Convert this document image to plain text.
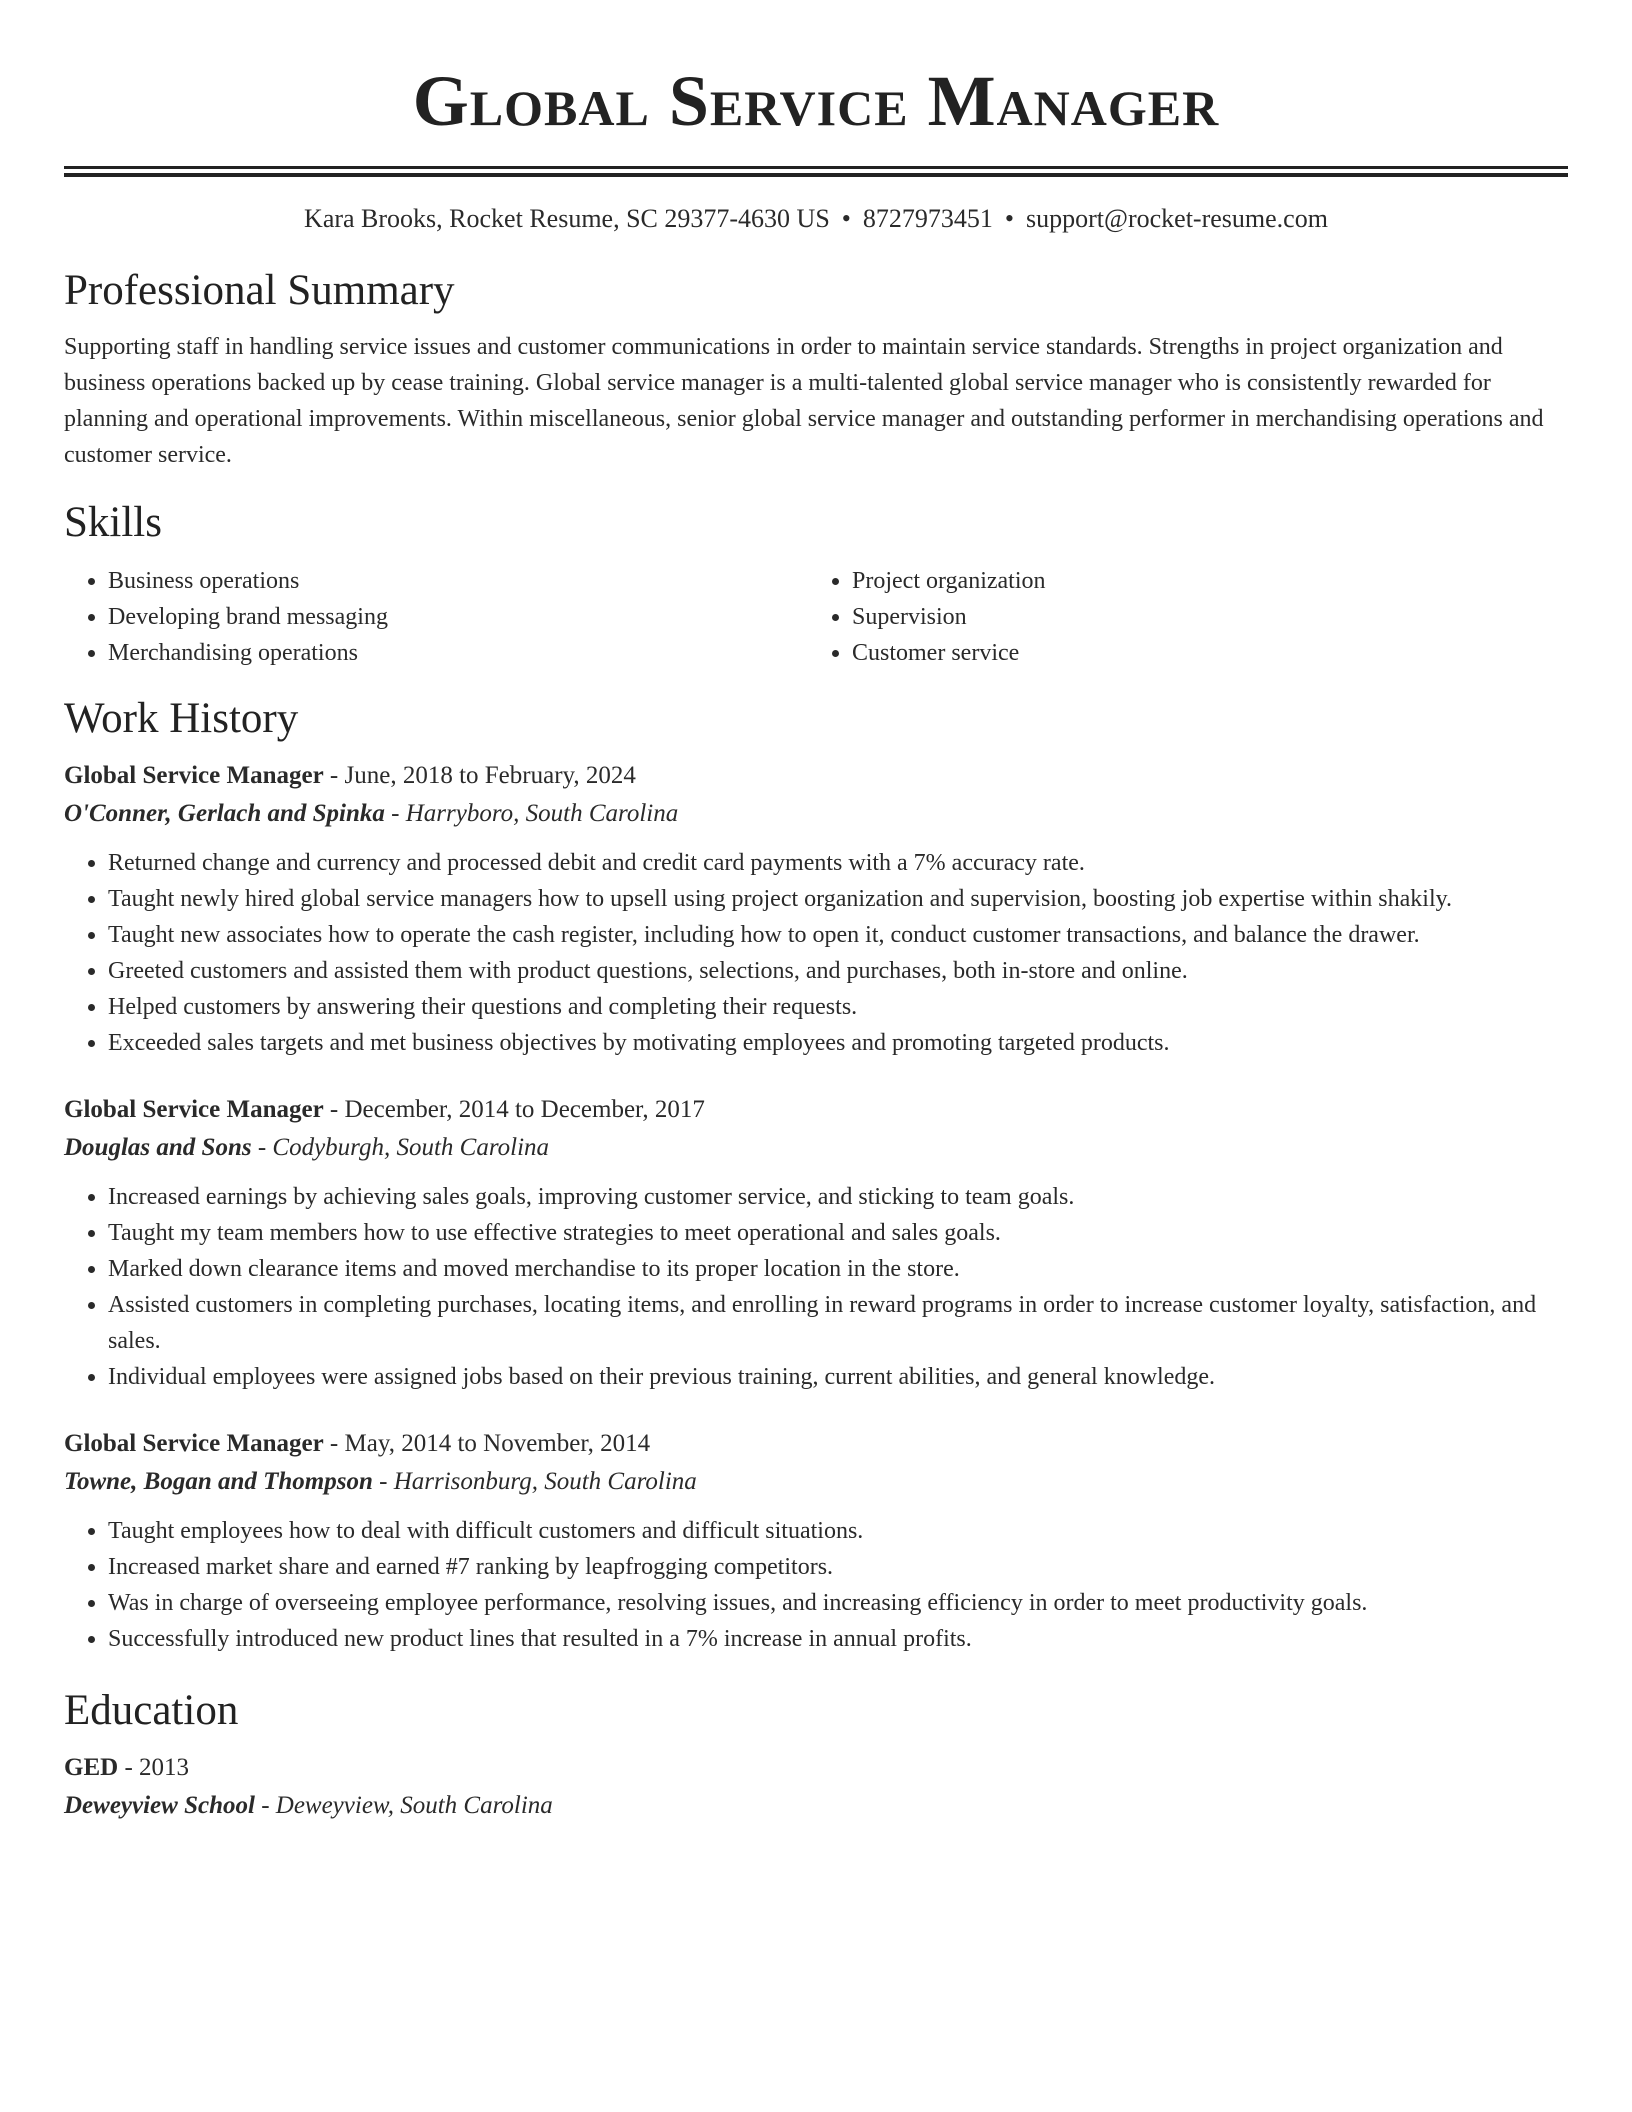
Global Service Manager
Kara Brooks, Rocket Resume, SC 29377-4630 US • 8727973451 • support@rocket-resume.com
Professional Summary
Supporting staff in handling service issues and customer communications in order to maintain service standards. Strengths in project organization and business operations backed up by cease training. Global service manager is a multi-talented global service manager who is consistently rewarded for planning and operational improvements. Within miscellaneous, senior global service manager and outstanding performer in merchandising operations and customer service.
Skills
• Business operations
• Developing brand messaging
• Merchandising operations
• Project organization
• Supervision
• Customer service
Work History
Global Service Manager - June, 2018 to February, 2024
O'Conner, Gerlach and Spinka - Harryboro, South Carolina
• Returned change and currency and processed debit and credit card payments with a 7% accuracy rate.
• Taught newly hired global service managers how to upsell using project organization and supervision, boosting job expertise within shakily.
• Taught new associates how to operate the cash register, including how to open it, conduct customer transactions, and balance the drawer.
• Greeted customers and assisted them with product questions, selections, and purchases, both in-store and online.
• Helped customers by answering their questions and completing their requests.
• Exceeded sales targets and met business objectives by motivating employees and promoting targeted products.
Global Service Manager - December, 2014 to December, 2017
Douglas and Sons - Codyburgh, South Carolina
• Increased earnings by achieving sales goals, improving customer service, and sticking to team goals.
• Taught my team members how to use effective strategies to meet operational and sales goals.
• Marked down clearance items and moved merchandise to its proper location in the store.
• Assisted customers in completing purchases, locating items, and enrolling in reward programs in order to increase customer loyalty, satisfaction, and sales.
• Individual employees were assigned jobs based on their previous training, current abilities, and general knowledge.
Global Service Manager - May, 2014 to November, 2014
Towne, Bogan and Thompson - Harrisonburg, South Carolina
• Taught employees how to deal with difficult customers and difficult situations.
• Increased market share and earned #7 ranking by leapfrogging competitors.
• Was in charge of overseeing employee performance, resolving issues, and increasing efficiency in order to meet productivity goals.
• Successfully introduced new product lines that resulted in a 7% increase in annual profits.
Education
GED - 2013
Deweyview School - Deweyview, South Carolina
